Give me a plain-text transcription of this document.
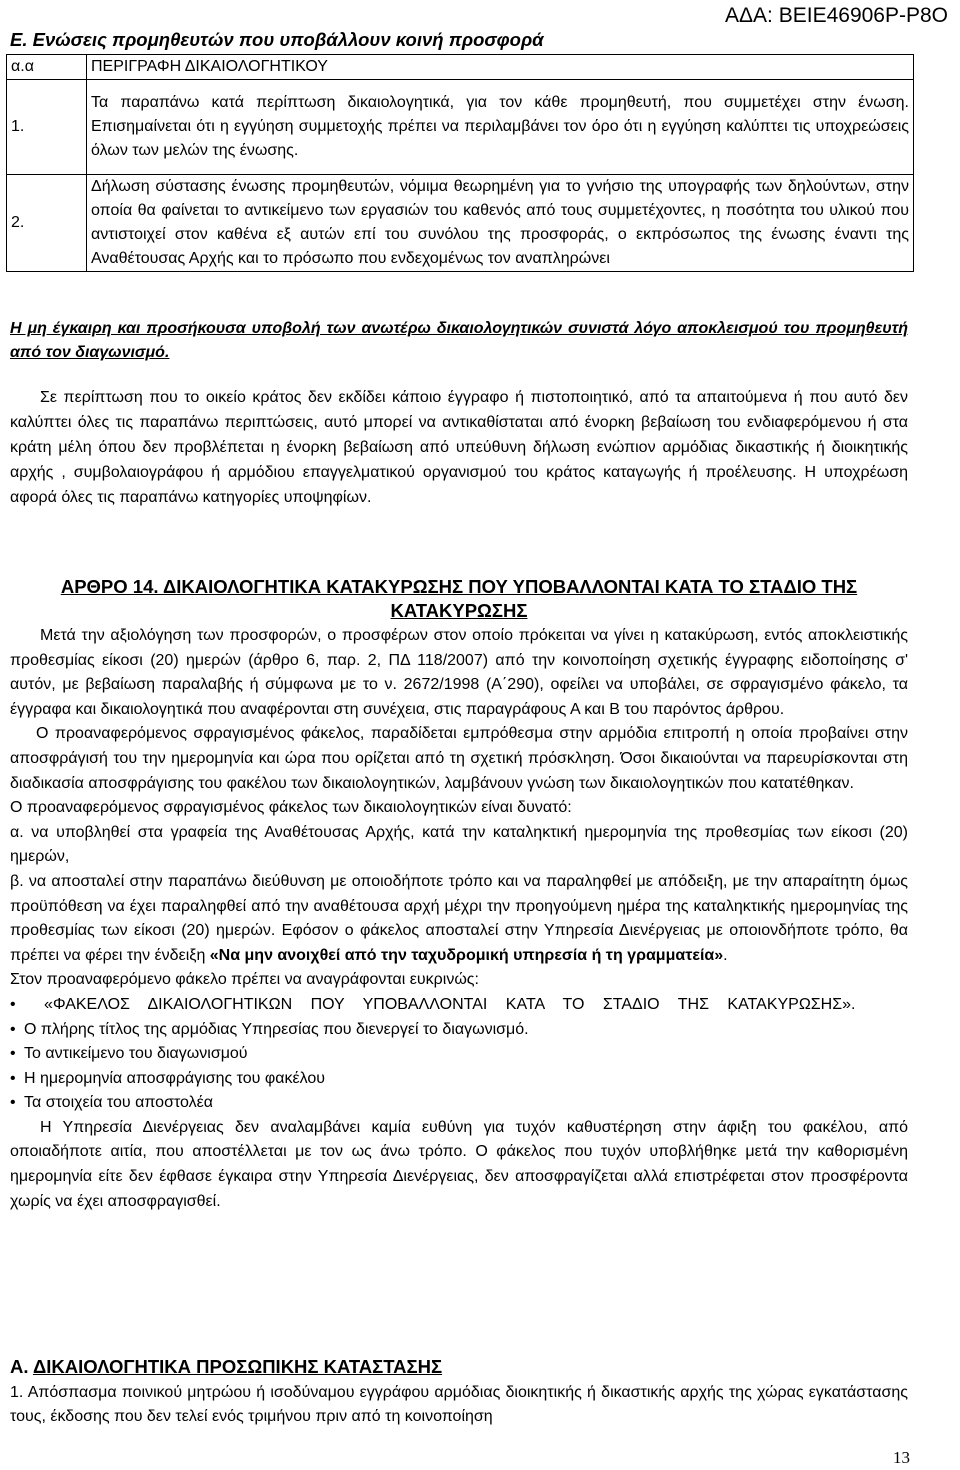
ΑΔΑ: ΒΕΙΕ46906Ρ-Ρ8Ο
Ε. Ενώσεις προμηθευτών που υποβάλλουν κοινή προσφορά
α.α	ΠΕΡΙΓΡΑΦΗ ΔΙΚΑΙΟΛΟΓΗΤΙΚΟΥ
1.	Τα παραπάνω κατά περίπτωση δικαιολογητικά, για τον κάθε προμηθευτή, που συμμετέχει στην ένωση. Επισημαίνεται ότι η εγγύηση συμμετοχής πρέπει να περιλαμβάνει τον όρο ότι η εγγύηση καλύπτει τις υποχρεώσεις όλων των μελών της ένωσης.
2.	Δήλωση σύστασης ένωσης προμηθευτών, νόμιμα θεωρημένη για το γνήσιο της υπογραφής των δηλούντων, στην οποία θα φαίνεται το αντικείμενο των εργασιών του καθενός από τους συμμετέχοντες, η ποσότητα του υλικού που αντιστοιχεί στον καθένα εξ αυτών επί του συνόλου της προσφοράς, ο εκπρόσωπος της ένωσης έναντι της Αναθέτουσας Αρχής και το πρόσωπο που ενδεχομένως τον αναπληρώνει
Η μη έγκαιρη και προσήκουσα υποβολή των ανωτέρω δικαιολογητικών συνιστά λόγο αποκλεισμού του προμηθευτή από τον διαγωνισμό.
Σε περίπτωση που το οικείο κράτος δεν εκδίδει κάποιο έγγραφο ή πιστοποιητικό, από τα απαιτούμενα ή που αυτό δεν καλύπτει όλες τις παραπάνω περιπτώσεις, αυτό μπορεί να αντικαθίσταται από ένορκη βεβαίωση του ενδιαφερόμενου ή στα κράτη μέλη όπου δεν προβλέπεται η ένορκη βεβαίωση από υπεύθυνη δήλωση ενώπιον αρμόδιας δικαστικής ή διοικητικής αρχής , συμβολαιογράφου ή αρμόδιου επαγγελματικού οργανισμού του κράτος καταγωγής ή προέλευσης. Η υποχρέωση αφορά όλες τις παραπάνω κατηγορίες υποψηφίων.
ΑΡΘΡΟ 14. ΔΙΚΑΙΟΛΟΓΗΤΙΚΑ ΚΑΤΑΚΥΡΩΣΗΣ ΠΟΥ ΥΠΟΒΑΛΛΟΝΤΑΙ ΚΑΤΑ ΤΟ ΣΤΑΔΙΟ ΤΗΣ ΚΑΤΑΚΥΡΩΣΗΣ

Μετά την αξιολόγηση των προσφορών, ο προσφέρων στον οποίο πρόκειται να γίνει η κατακύρωση, εντός αποκλειστικής προθεσμίας είκοσι (20) ημερών (άρθρο 6, παρ. 2, ΠΔ 118/2007) από την κοινοποίηση σχετικής έγγραφης ειδοποίησης σ' αυτόν, με βεβαίωση παραλαβής ή σύμφωνα με το ν. 2672/1998 (Α΄290), οφείλει να υποβάλει, σε σφραγισμένο φάκελο, τα έγγραφα και δικαιολογητικά που αναφέρονται στη συνέχεια, στις παραγράφους Α και Β του παρόντος άρθρου.

Ο προαναφερόμενος σφραγισμένος φάκελος, παραδίδεται εμπρόθεσμα στην αρμόδια επιτροπή η οποία προβαίνει στην αποσφράγισή του την ημερομηνία και ώρα που ορίζεται από τη σχετική πρόσκληση. Όσοι δικαιούνται να παρευρίσκονται στη διαδικασία αποσφράγισης του φακέλου των δικαιολογητικών, λαμβάνουν γνώση των δικαιολογητικών που κατατέθηκαν.

Ο προαναφερόμενος σφραγισμένος φάκελος των δικαιολογητικών είναι δυνατό:

α. να υποβληθεί στα γραφεία της Αναθέτουσας Αρχής, κατά την καταληκτική ημερομηνία της προθεσμίας των είκοσι (20) ημερών,

β. να αποσταλεί στην παραπάνω διεύθυνση με οποιοδήποτε τρόπο και να παραληφθεί με απόδειξη, με την απαραίτητη όμως προϋπόθεση να έχει παραληφθεί από την αναθέτουσα αρχή μέχρι την προηγούμενη ημέρα της καταληκτικής ημερομηνίας της προθεσμίας των είκοσι (20) ημερών. Εφόσον ο φάκελος αποσταλεί στην Υπηρεσία Διενέργειας με οποιονδήποτε τρόπο, θα πρέπει να φέρει την ένδειξη «Να μην ανοιχθεί από την ταχυδρομική υπηρεσία ή τη γραμματεία».

Στον προαναφερόμενο φάκελο πρέπει να αναγράφονται ευκρινώς:

• «ΦΑΚΕΛΟΣ ΔΙΚΑΙΟΛΟΓΗΤΙΚΩΝ ΠΟΥ ΥΠΟΒΑΛΛΟΝΤΑΙ ΚΑΤΑ ΤΟ ΣΤΑΔΙΟ ΤΗΣ ΚΑΤΑΚΥΡΩΣΗΣ».

• Ο πλήρης τίτλος της αρμόδιας Υπηρεσίας που διενεργεί το διαγωνισμό.

• Το αντικείμενο του διαγωνισμού

• Η ημερομηνία αποσφράγισης του φακέλου

• Τα στοιχεία του αποστολέα

Η Υπηρεσία Διενέργειας δεν αναλαμβάνει καμία ευθύνη για τυχόν καθυστέρηση στην άφιξη του φακέλου, από οποιαδήποτε αιτία, που αποστέλλεται με τον ως άνω τρόπο. Ο φάκελος που τυχόν υποβλήθηκε μετά την καθορισμένη ημερομηνία είτε δεν έφθασε έγκαιρα στην Υπηρεσία Διενέργειας, δεν αποσφραγίζεται αλλά επιστρέφεται στον προσφέροντα χωρίς να έχει αποσφραγισθεί.

Α. ΔΙΚΑΙΟΛΟΓΗΤΙΚΑ ΠΡΟΣΩΠΙΚΗΣ ΚΑΤΑΣΤΑΣΗΣ
1. Απόσπασμα ποινικού μητρώου ή ισοδύναμου εγγράφου αρμόδιας διοικητικής ή δικαστικής αρχής της χώρας εγκατάστασης τους, έκδοσης που δεν τελεί ενός τριμήνου πριν από τη κοινοποίηση
13
